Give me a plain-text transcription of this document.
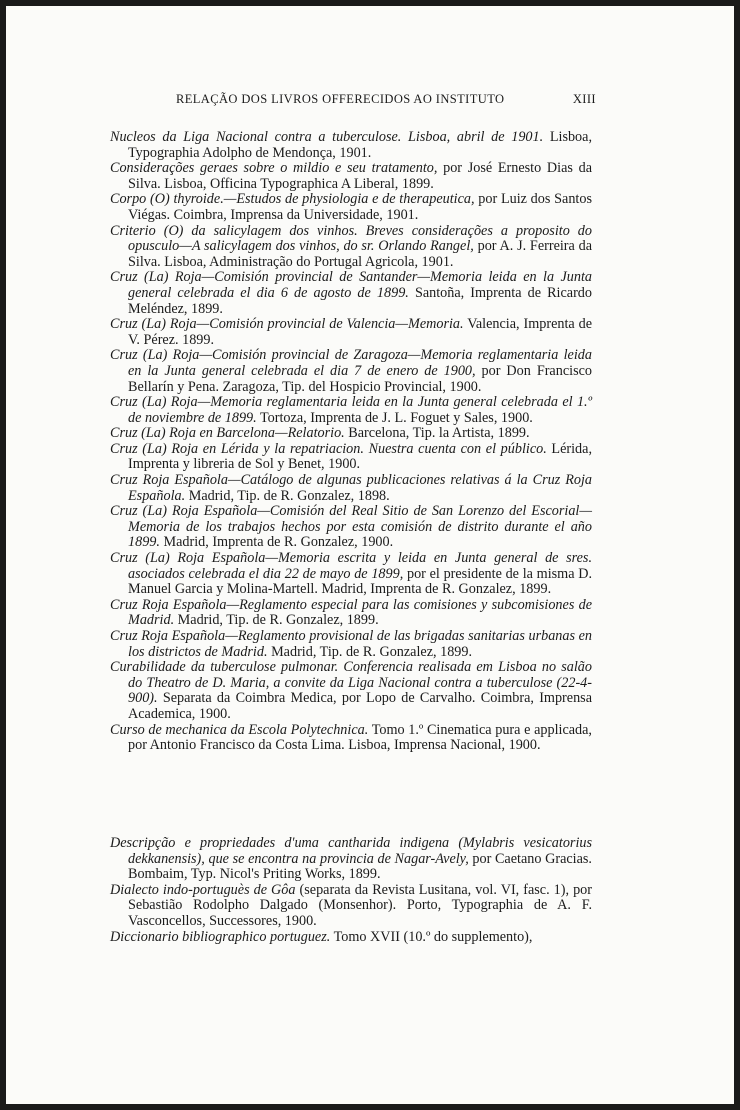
RELAÇÃO DOS LIVROS OFFERECIDOS AO INSTITUTO	XIII

Nucleos da Liga Nacional contra a tuberculose. Lisboa, abril de 1901. Lisboa, Typographia Adolpho de Mendonça, 1901.

Considerações geraes sobre o mildio e seu tratamento, por José Ernesto Dias da Silva. Lisboa, Officina Typographica A Liberal, 1899.

Corpo (O) thyroide.—Estudos de physiologia e de therapeutica, por Luiz dos Santos Viégas. Coimbra, Imprensa da Universidade, 1901.

Criterio (O) da salicylagem dos vinhos. Breves considerações a proposito do opusculo—A salicylagem dos vinhos, do sr. Orlando Rangel, por A. J. Ferreira da Silva. Lisboa, Administração do Portugal Agricola, 1901.

Cruz (La) Roja—Comisión provincial de Santander—Memoria leida en la Junta general celebrada el dia 6 de agosto de 1899. Santoña, Imprenta de Ricardo Meléndez, 1899.

Cruz (La) Roja—Comisión provincial de Valencia—Memoria. Valencia, Imprenta de V. Pérez. 1899.

Cruz (La) Roja—Comisión provincial de Zaragoza—Memoria reglamentaria leida en la Junta general celebrada el dia 7 de enero de 1900, por Don Francisco Bellarín y Pena. Zaragoza, Tip. del Hospicio Provincial, 1900.

Cruz (La) Roja—Memoria reglamentaria leida en la Junta general celebrada el 1.º de noviembre de 1899. Tortoza, Imprenta de J. L. Foguet y Sales, 1900.

Cruz (La) Roja en Barcelona—Relatorio. Barcelona, Tip. la Artista, 1899.

Cruz (La) Roja en Lérida y la repatriacion. Nuestra cuenta con el público. Lérida, Imprenta y libreria de Sol y Benet, 1900.

Cruz Roja Española—Catálogo de algunas publicaciones relativas á la Cruz Roja Española. Madrid, Tip. de R. Gonzalez, 1898.

Cruz (La) Roja Española—Comisión del Real Sitio de San Lorenzo del Escorial—Memoria de los trabajos hechos por esta comisión de distrito durante el año 1899. Madrid, Imprenta de R. Gonzalez, 1900.

Cruz (La) Roja Española—Memoria escrita y leida en Junta general de sres. asociados celebrada el dia 22 de mayo de 1899, por el presidente de la misma D. Manuel Garcia y Molina-Martell. Madrid, Imprenta de R. Gonzalez, 1899.

Cruz Roja Española—Reglamento especial para las comisiones y subcomisiones de Madrid. Madrid, Tip. de R. Gonzalez, 1899.

Cruz Roja Española—Reglamento provisional de las brigadas sanitarias urbanas en los districtos de Madrid. Madrid, Tip. de R. Gonzalez, 1899.

Curabilidade da tuberculose pulmonar. Conferencia realisada em Lisboa no salão do Theatro de D. Maria, a convite da Liga Nacional contra a tuberculose (22-4-900). Separata da Coimbra Medica, por Lopo de Carvalho. Coimbra, Imprensa Academica, 1900.

Curso de mechanica da Escola Polytechnica. Tomo 1.º Cinematica pura e applicada, por Antonio Francisco da Costa Lima. Lisboa, Imprensa Nacional, 1900.

Descripção e propriedades d'uma cantharida indigena (Mylabris vesicatorius dekkanensis), que se encontra na provincia de Nagar-Avely, por Caetano Gracias. Bombaim, Typ. Nicol's Priting Works, 1899.

Dialecto indo-portuguès de Gôa (separata da Revista Lusitana, vol. VI, fasc. 1), por Sebastião Rodolpho Dalgado (Monsenhor). Porto, Typographia de A. F. Vasconcellos, Successores, 1900.

Diccionario bibliographico portuguez. Tomo XVII (10.º do supplemento),
